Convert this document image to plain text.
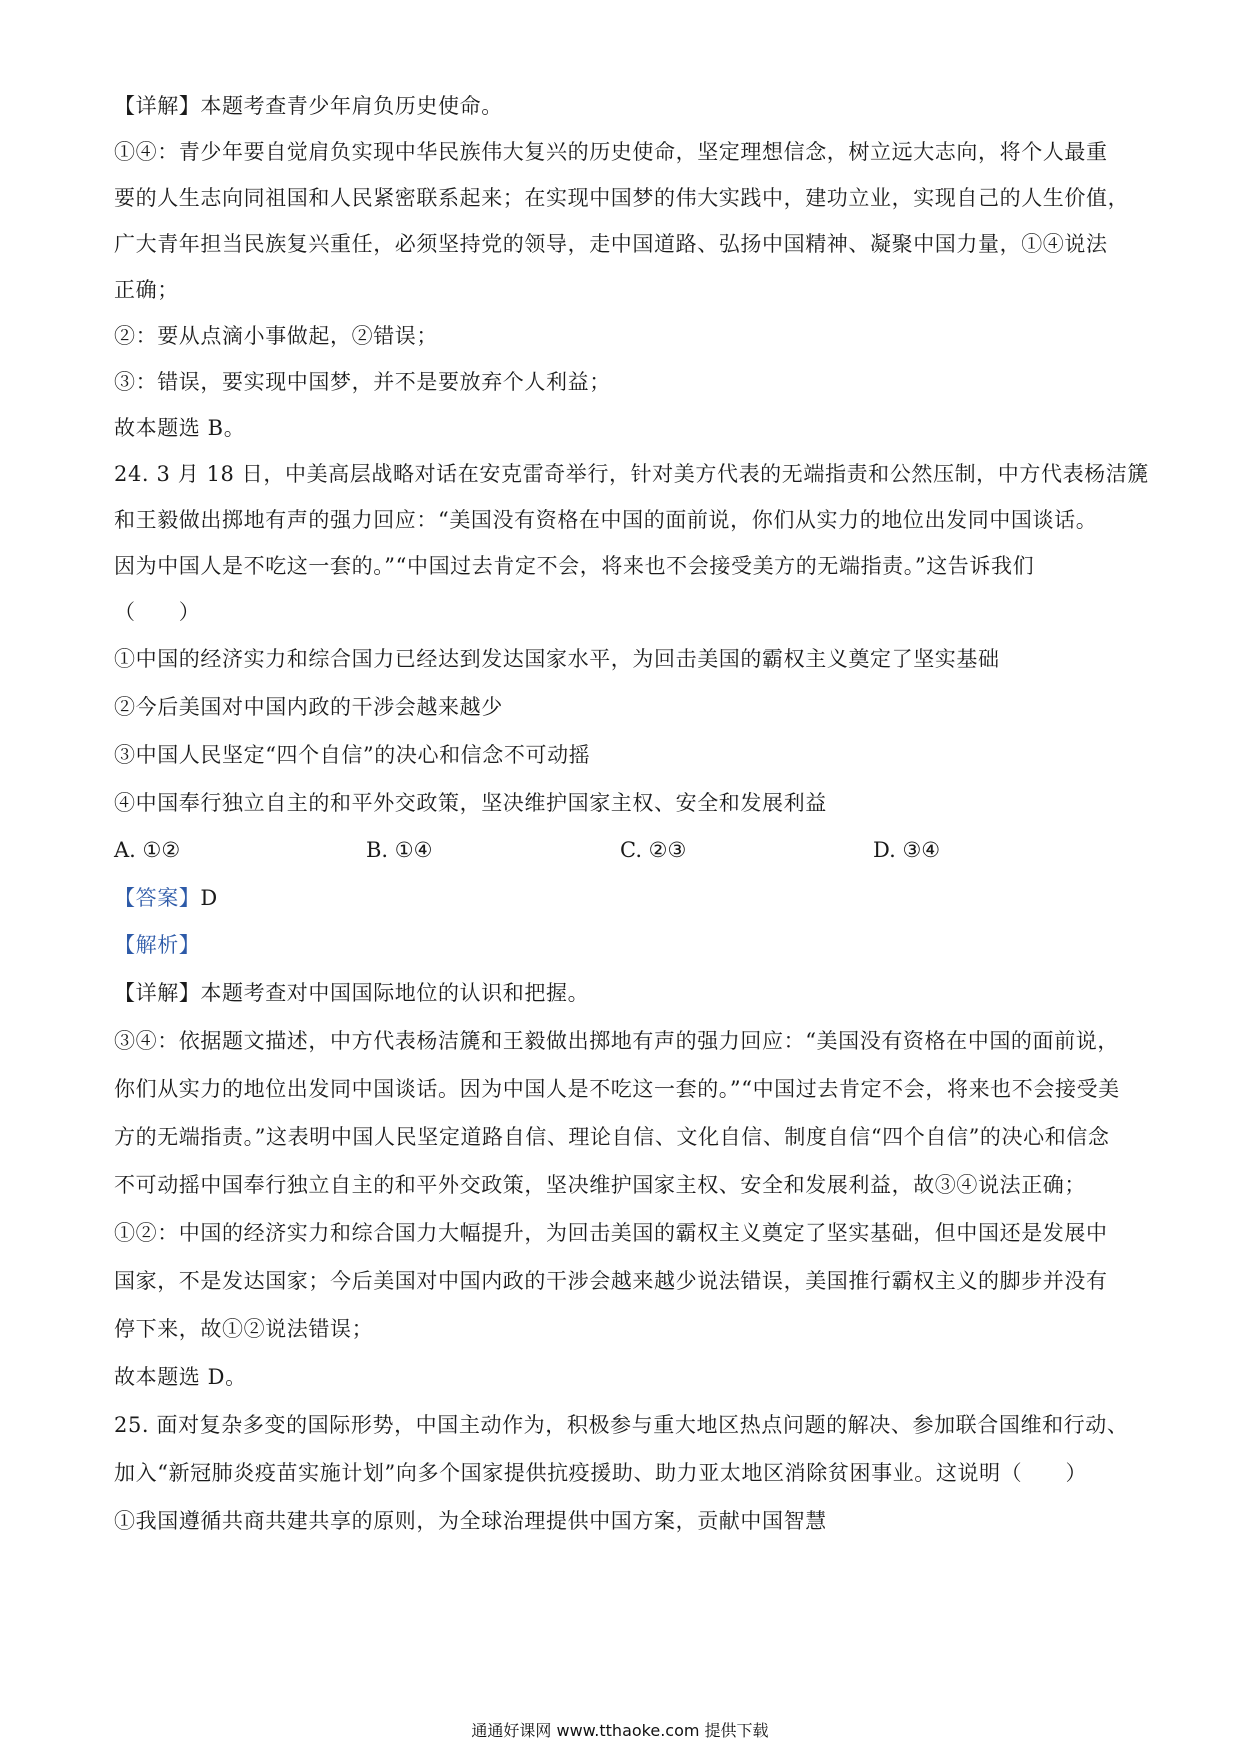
【详解】本题考查青少年肩负历史使命。
①④：青少年要自觉肩负实现中华民族伟大复兴的历史使命，坚定理想信念，树立远大志向，将个人最重
要的人生志向同祖国和人民紧密联系起来；在实现中国梦的伟大实践中，建功立业，实现自己的人生价值，
广大青年担当民族复兴重任，必须坚持党的领导，走中国道路、弘扬中国精神、凝聚中国力量，①④说法
正确；
②：要从点滴小事做起，②错误；
③：错误，要实现中国梦，并不是要放弃个人利益；
故本题选 B。
24. 3 月 18 日，中美高层战略对话在安克雷奇举行，针对美方代表的无端指责和公然压制，中方代表杨洁篪
和王毅做出掷地有声的强力回应：“美国没有资格在中国的面前说，你们从实力的地位出发同中国谈话。
因为中国人是不吃这一套的。”“中国过去肯定不会，将来也不会接受美方的无端指责。”这告诉我们
（　　）
①中国的经济实力和综合国力已经达到发达国家水平，为回击美国的霸权主义奠定了坚实基础
②今后美国对中国内政的干涉会越来越少
③中国人民坚定“四个自信”的决心和信念不可动摇
④中国奉行独立自主的和平外交政策，坚决维护国家主权、安全和发展利益
A. ①②	B. ①④	C. ②③	D. ③④
【答案】D
【解析】
【详解】本题考查对中国国际地位的认识和把握。
③④：依据题文描述，中方代表杨洁篪和王毅做出掷地有声的强力回应：“美国没有资格在中国的面前说，
你们从实力的地位出发同中国谈话。因为中国人是不吃这一套的。”“中国过去肯定不会，将来也不会接受美
方的无端指责。”这表明中国人民坚定道路自信、理论自信、文化自信、制度自信“四个自信”的决心和信念
不可动摇中国奉行独立自主的和平外交政策，坚决维护国家主权、安全和发展利益，故③④说法正确；
①②：中国的经济实力和综合国力大幅提升，为回击美国的霸权主义奠定了坚实基础，但中国还是发展中
国家，不是发达国家；今后美国对中国内政的干涉会越来越少说法错误，美国推行霸权主义的脚步并没有
停下来，故①②说法错误；
故本题选 D。
25. 面对复杂多变的国际形势，中国主动作为，积极参与重大地区热点问题的解决、参加联合国维和行动、
加入“新冠肺炎疫苗实施计划”向多个国家提供抗疫援助、助力亚太地区消除贫困事业。这说明（　　）
①我国遵循共商共建共享的原则，为全球治理提供中国方案，贡献中国智慧
通通好课网 www.tthaoke.com 提供下载
